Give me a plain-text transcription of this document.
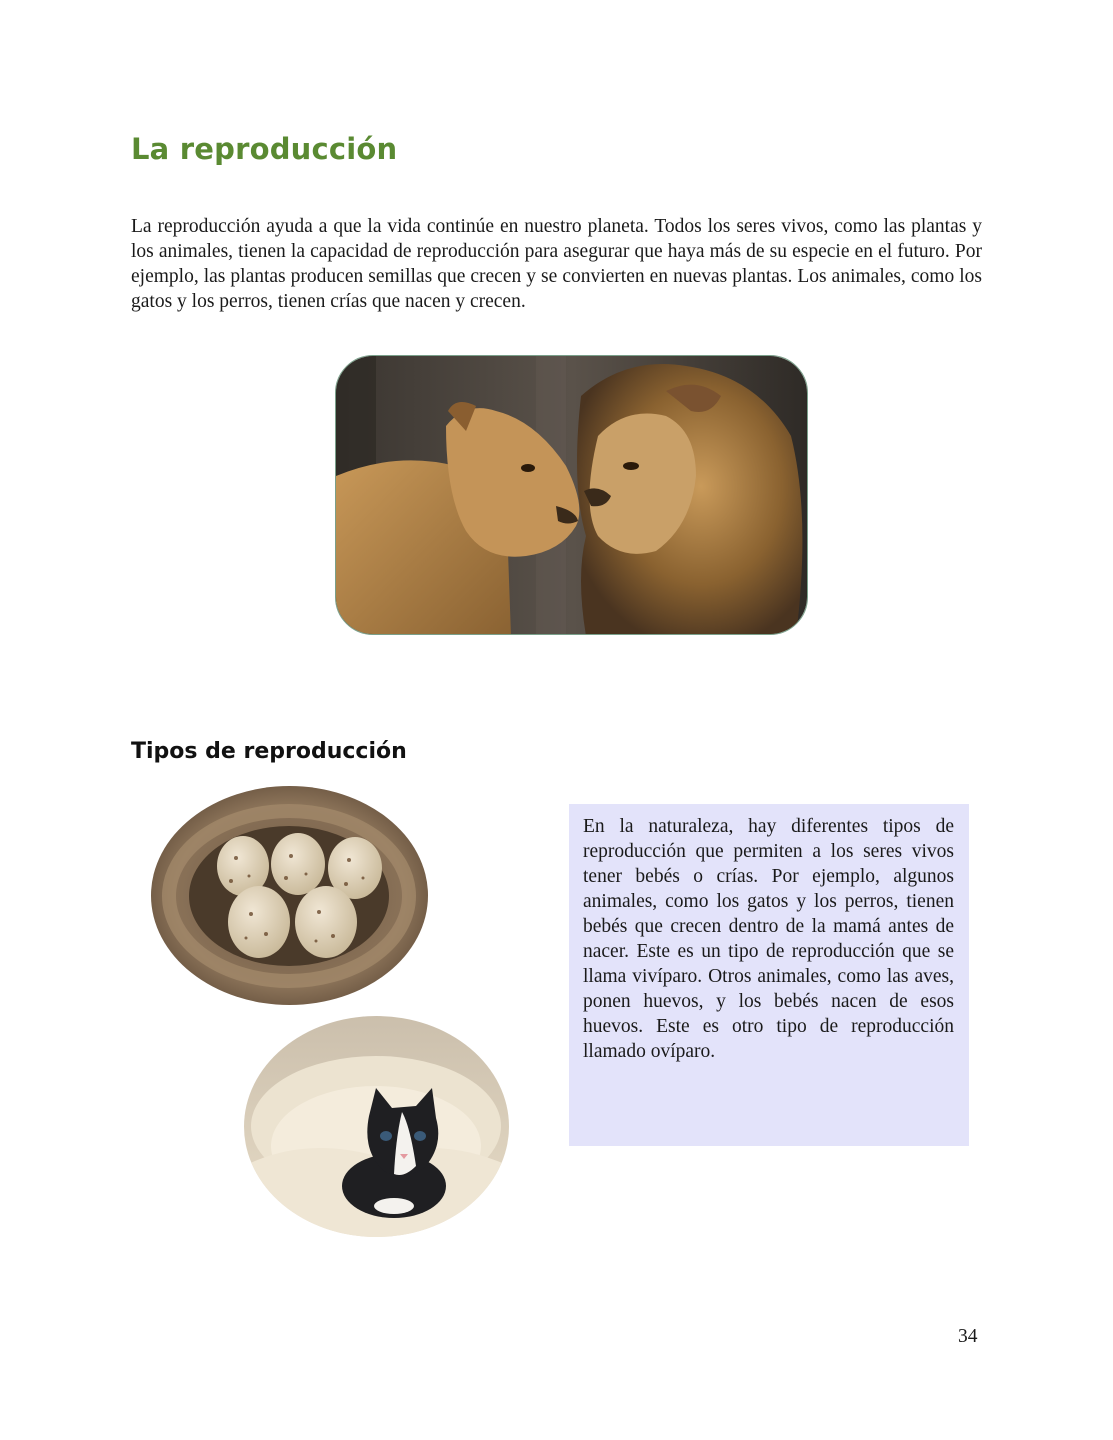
La reproducción

La reproducción ayuda a que la vida continúe en nuestro planeta. Todos los seres vivos, como las plantas y los animales, tienen la capacidad de reproducción para asegurar que haya más de su especie en el futuro. Por ejemplo, las plantas producen semillas que crecen y se convierten en nuevas plantas. Los animales, como los gatos y los perros, tienen crías que nacen y crecen.

Tipos de reproducción

En la naturaleza, hay diferentes tipos de reproducción que permiten a los seres vivos tener bebés o crías. Por ejemplo, algunos animales, como los gatos y los perros, tienen bebés que crecen dentro de la mamá antes de nacer. Este es un tipo de reproducción que se llama vivíparo. Otros animales, como las aves, ponen huevos, y los bebés nacen de esos huevos. Este es otro tipo de reproducción llamado ovíparo.

34
